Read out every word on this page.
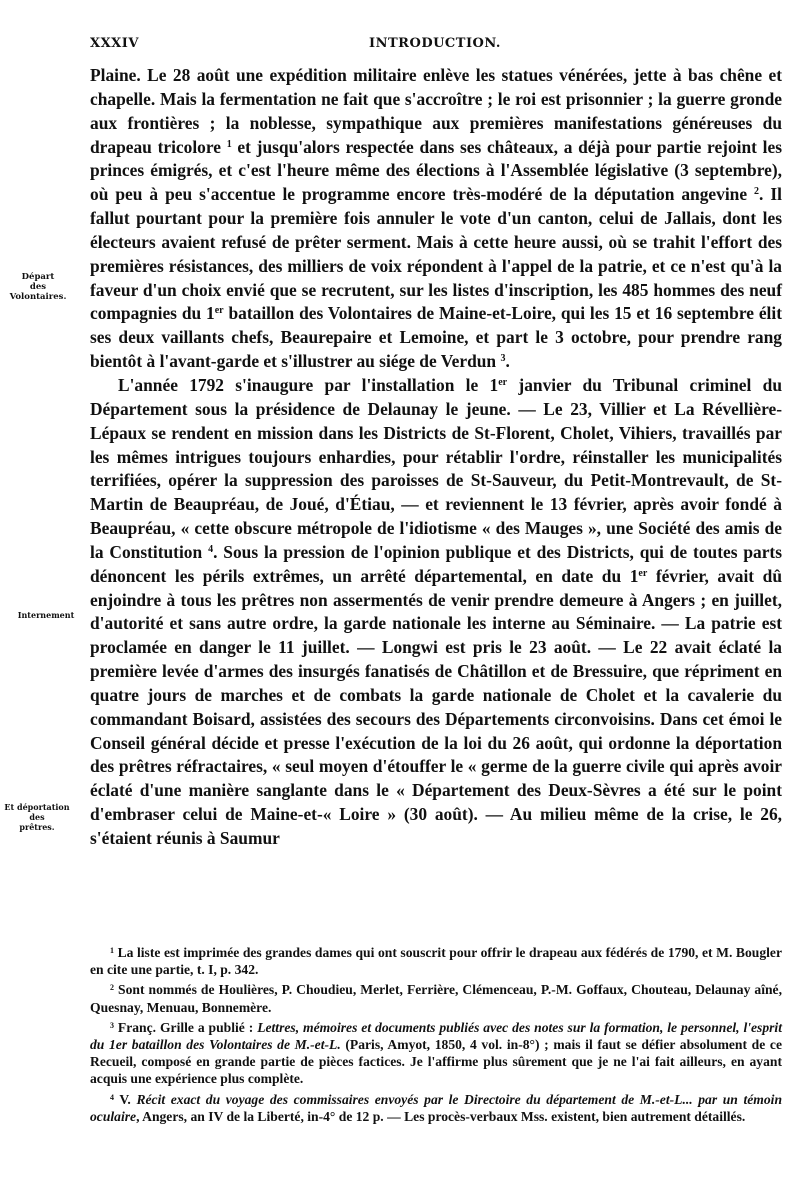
XXXIV	INTRODUCTION.
Départ
des
Volontaires.
Internement
Et déportation
des
prêtres.

Plaine. Le 28 août une expédition militaire enlève les statues vénérées, jette à bas chêne et chapelle. Mais la fermentation ne fait que s'accroître ; le roi est prisonnier ; la guerre gronde aux frontières ; la noblesse, sympathique aux premières manifestations généreuses du drapeau tricolore $^1$ et jusqu'alors respectée dans ses châteaux, a déjà pour partie rejoint les princes émigrés, et c'est l'heure même des élections à l'Assemblée législative (3 septembre), où peu à peu s'accentue le programme encore très-modéré de la députation angevine $^2$. Il fallut pourtant pour la première fois annuler le vote d'un canton, celui de Jallais, dont les électeurs avaient refusé de prêter serment. Mais à cette heure aussi, où se trahit l'effort des premières résistances, des milliers de voix répondent à l'appel de la patrie, et ce n'est qu'à la faveur d'un choix envié que se recrutent, sur les listes d'inscription, les 485 hommes des neuf compagnies du 1er bataillon des Volontaires de Maine-et-Loire, qui les 15 et 16 septembre élit ses deux vaillants chefs, Beaurepaire et Lemoine, et part le 3 octobre, pour prendre rang bientôt à l'avant-garde et s'illustrer au siége de Verdun $^3$.

L'année 1792 s'inaugure par l'installation le 1er janvier du Tribunal criminel du Département sous la présidence de Delaunay le jeune. — Le 23, Villier et La Révellière-Lépaux se rendent en mission dans les Districts de St-Florent, Cholet, Vihiers, travaillés par les mêmes intrigues toujours enhardies, pour rétablir l'ordre, réinstaller les municipalités terrifiées, opérer la suppression des paroisses de St-Sauveur, du Petit-Montrevault, de St-Martin de Beaupréau, de Joué, d'Étiau, — et reviennent le 13 février, après avoir fondé à Beaupréau, « cette obscure métropole de l'idiotisme « des Mauges », une Société des amis de la Constitution $^4$. Sous la pression de l'opinion publique et des Districts, qui de toutes parts dénoncent les périls extrêmes, un arrêté départemental, en date du 1er février, avait dû enjoindre à tous les prêtres non assermentés de venir prendre demeure à Angers ; en juillet, d'autorité et sans autre ordre, la garde nationale les interne au Séminaire. — La patrie est proclamée en danger le 11 juillet. — Longwi est pris le 23 août. — Le 22 avait éclaté la première levée d'armes des insurgés fanatisés de Châtillon et de Bressuire, que répriment en quatre jours de marches et de combats la garde nationale de Cholet et la cavalerie du commandant Boisard, assistées des secours des Départements circonvoisins. Dans cet émoi le Conseil général décide et presse l'exécution de la loi du 26 août, qui ordonne la déportation des prêtres réfractaires, « seul moyen d'étouffer le « germe de la guerre civile qui après avoir éclaté d'une manière sanglante dans le « Département des Deux-Sèvres a été sur le point d'embraser celui de Maine-et-« Loire » (30 août). — Au milieu même de la crise, le 26, s'étaient réunis à Saumur

$^1$ La liste est imprimée des grandes dames qui ont souscrit pour offrir le drapeau aux fédérés de 1790, et M. Bougler en cite une partie, t. I, p. 342.

$^2$ Sont nommés de Houlières, P. Choudieu, Merlet, Ferrière, Clémenceau, P.-M. Goffaux, Chouteau, Delaunay aîné, Quesnay, Menuau, Bonnemère.

$^3$ Franç. Grille a publié : Lettres, mémoires et documents publiés avec des notes sur la formation, le personnel, l'esprit du 1er bataillon des Volontaires de M.-et-L. (Paris, Amyot, 1850, 4 vol. in-8°) ; mais il faut se défier absolument de ce Recueil, composé en grande partie de pièces factices. Je l'affirme plus sûrement que je ne l'ai fait ailleurs, en ayant acquis une expérience plus complète.

$^4$ V. Récit exact du voyage des commissaires envoyés par le Directoire du département de M.-et-L... par un témoin oculaire, Angers, an IV de la Liberté, in-4° de 12 p. — Les procès-verbaux Mss. existent, bien autrement détaillés.
